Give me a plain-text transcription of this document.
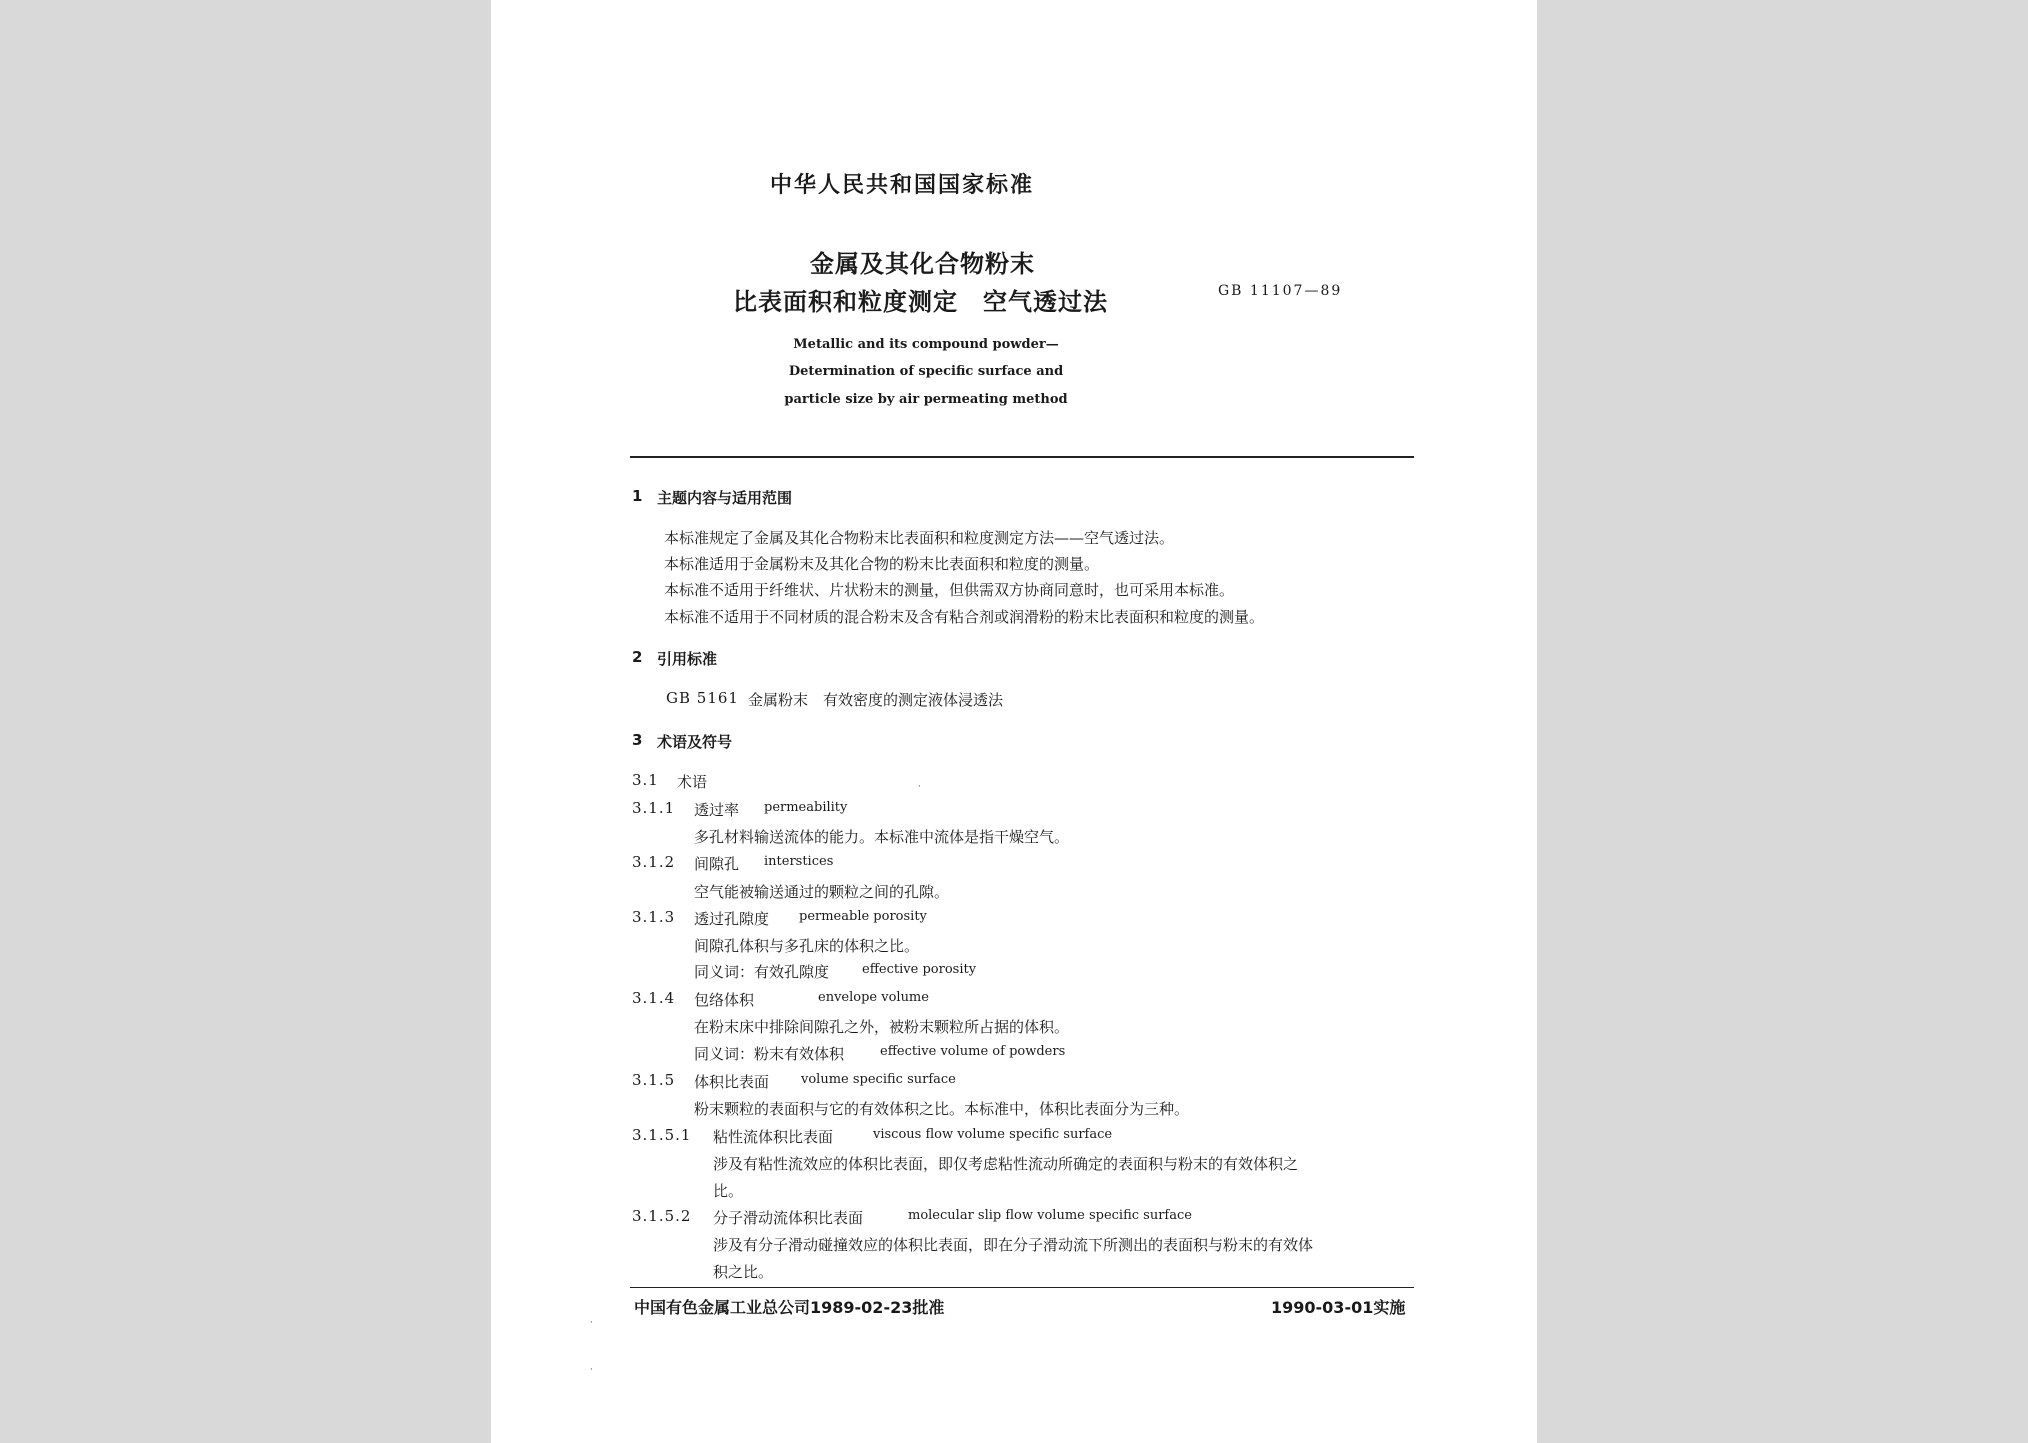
中华人民共和国国家标准
金属及其化合物粉末
比表面积和粒度测定　空气透过法	GB 11107—89
Metallic and its compound powder—
Determination of specific surface and
particle size by air permeating method
1 主题内容与适用范围
本标准规定了金属及其化合物粉末比表面积和粒度测定方法——空气透过法。
本标准适用于金属粉末及其化合物的粉末比表面积和粒度的测量。
本标准不适用于纤维状、片状粉末的测量，但供需双方协商同意时，也可采用本标准。
本标准不适用于不同材质的混合粉末及含有粘合剂或润滑粉的粉末比表面积和粒度的测量。
2 引用标准
GB 5161 金属粉末　有效密度的测定液体浸透法
3 术语及符号
3.1 术语
3.1.1 透过率 permeability
多孔材料输送流体的能力。本标准中流体是指干燥空气。
3.1.2 间隙孔 interstices
空气能被输送通过的颗粒之间的孔隙。
3.1.3 透过孔隙度 permeable porosity
间隙孔体积与多孔床的体积之比。
同义词：有效孔隙度	effective porosity
3.1.4 包络体积	envelope volume
在粉末床中排除间隙孔之外，被粉末颗粒所占据的体积。
同义词：粉末有效体积	effective volume of powders
3.1.5 体积比表面 volume specific surface
粉末颗粒的表面积与它的有效体积之比。本标准中，体积比表面分为三种。
3.1.5.1 粘性流体积比表面	viscous flow volume specific surface
涉及有粘性流效应的体积比表面，即仅考虑粘性流动所确定的表面积与粉末的有效体积之
比。
3.1.5.2 分子滑动流体积比表面	molecular slip flow volume specific surface
涉及有分子滑动碰撞效应的体积比表面，即在分子滑动流下所测出的表面积与粉末的有效体
积之比。
中国有色金属工业总公司1989-02-23批准	1990-03-01实施
·
·
·
